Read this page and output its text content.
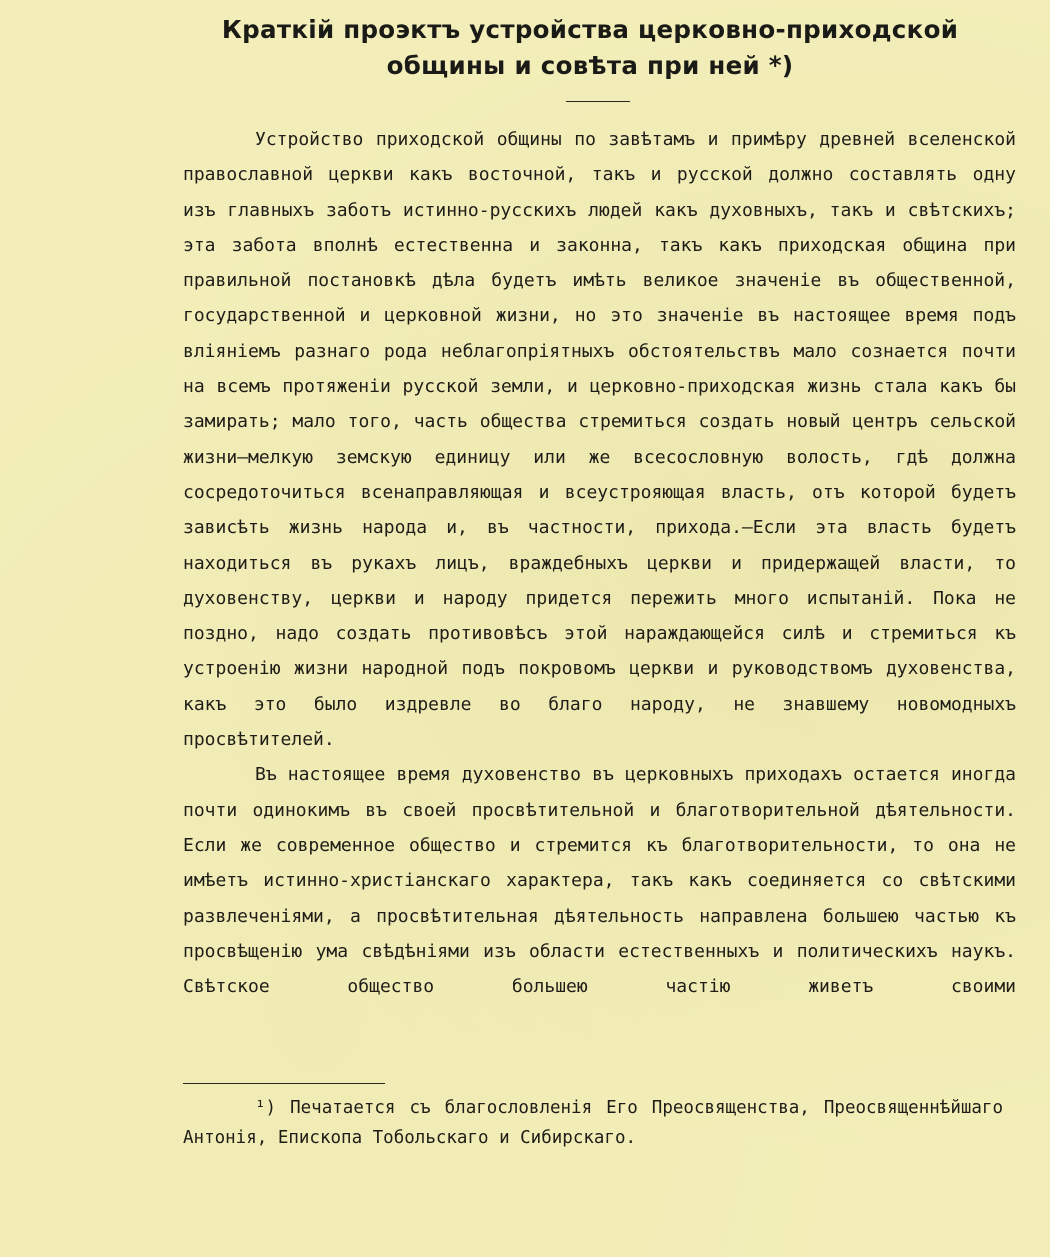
Краткій проэктъ устройства церковно-приходской общины и совѣта при ней *)

Устройство приходской общины по завѣтамъ и примѣру древней вселенской православной церкви какъ восточной, такъ и русской должно составлять одну изъ главныхъ заботъ истинно-русскихъ людей какъ духовныхъ, такъ и свѣтскихъ; эта забота вполнѣ естественна и законна, такъ какъ приходская община при правильной постановкѣ дѣла будетъ имѣть великое значеніе въ общественной, государственной и церковной жизни, но это значеніе въ настоящее время подъ вліяніемъ разнаго рода неблагопріятныхъ обстоятельствъ мало сознается почти на всемъ протяженіи русской земли, и церковно-приходская жизнь стала какъ бы замирать; мало того, часть общества стремиться создать новый центръ сельской жизни—мелкую земскую единицу или же всесословную волость, гдѣ должна сосредоточиться всенаправляющая и всеустрояющая власть, отъ которой будетъ зависѣть жизнь народа и, въ частности, прихода.—Если эта власть будетъ находиться въ рукахъ лицъ, враждебныхъ церкви и придержащей власти, то духовенству, церкви и народу придется пережить много испытаній. Пока не поздно, надо создать противовѣсъ этой нараждающейся силѣ и стремиться къ устроенію жизни народной подъ покровомъ церкви и руководствомъ духовенства, какъ это было издревле во благо народу, не знавшему новомодныхъ просвѣтителей.

Въ настоящее время духовенство въ церковныхъ приходахъ остается иногда почти одинокимъ въ своей просвѣтительной и благотворительной дѣятельности. Если же современное общество и стремится къ благотворительности, то она не имѣетъ истинно-христіанскаго характера, такъ какъ соединяется со свѣтскими развлеченіями, а просвѣтительная дѣятельность направлена большею частью къ просвѣщенію ума свѣдѣніями изъ области естественныхъ и политическихъ наукъ. Свѣтское общество большею частію живетъ своими

¹) Печатается съ благословленія Его Преосвященства, Преосвященнѣйшаго Антонія, Епископа Тобольскаго и Сибирскаго.
